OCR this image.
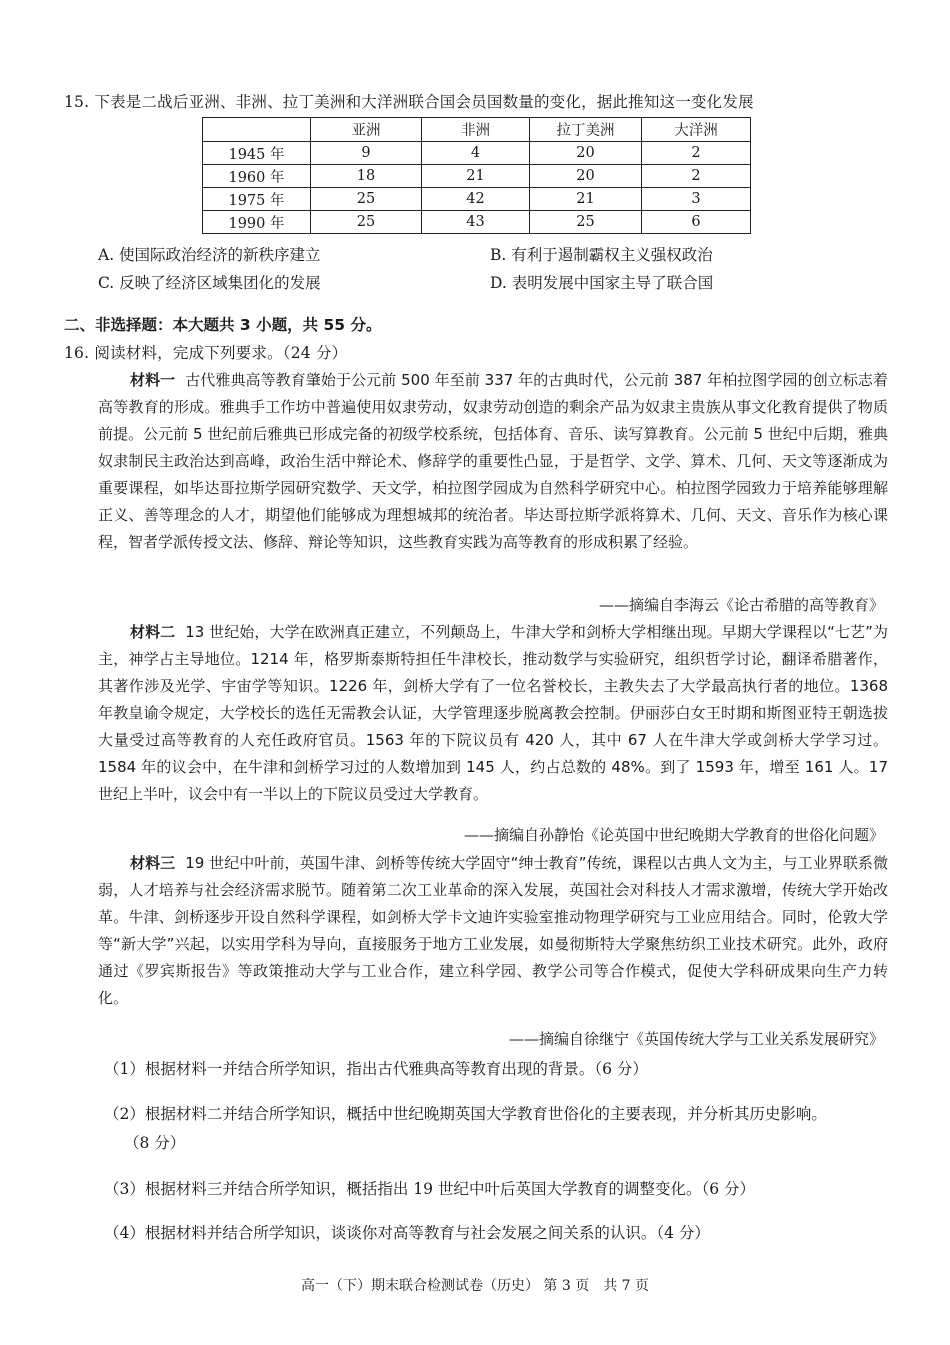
15. 下表是二战后亚洲、非洲、拉丁美洲和大洋洲联合国会员国数量的变化，据此推知这一变化发展
	亚洲	非洲	拉丁美洲	大洋洲
1945 年	9	4	20	2
1960 年	18	21	20	2
1975 年	25	42	21	3
1990 年	25	43	25	6
A. 使国际政治经济的新秩序建立	B. 有利于遏制霸权主义强权政治
C. 反映了经济区域集团化的发展	D. 表明发展中国家主导了联合国
二、非选择题：本大题共 3 小题，共 55 分。
16. 阅读材料，完成下列要求。（24 分）
材料一 古代雅典高等教育肇始于公元前 500 年至前 337 年的古典时代，公元前 387 年柏拉图学园的创立标志着高等教育的形成。雅典手工作坊中普遍使用奴隶劳动，奴隶劳动创造的剩余产品为奴隶主贵族从事文化教育提供了物质前提。公元前 5 世纪前后雅典已形成完备的初级学校系统，包括体育、音乐、读写算教育。公元前 5 世纪中后期，雅典奴隶制民主政治达到高峰，政治生活中辩论术、修辞学的重要性凸显，于是哲学、文学、算术、几何、天文等逐渐成为重要课程，如毕达哥拉斯学园研究数学、天文学，柏拉图学园成为自然科学研究中心。柏拉图学园致力于培养能够理解正义、善等理念的人才，期望他们能够成为理想城邦的统治者。毕达哥拉斯学派将算术、几何、天文、音乐作为核心课程，智者学派传授文法、修辞、辩论等知识，这些教育实践为高等教育的形成积累了经验。
——摘编自李海云《论古希腊的高等教育》
材料二 13 世纪始，大学在欧洲真正建立，不列颠岛上，牛津大学和剑桥大学相继出现。早期大学课程以“七艺”为主，神学占主导地位。1214 年，格罗斯泰斯特担任牛津校长，推动数学与实验研究，组织哲学讨论，翻译希腊著作，其著作涉及光学、宇宙学等知识。1226 年，剑桥大学有了一位名誉校长，主教失去了大学最高执行者的地位。1368 年教皇谕令规定，大学校长的选任无需教会认证，大学管理逐步脱离教会控制。伊丽莎白女王时期和斯图亚特王朝选拔大量受过高等教育的人充任政府官员。1563 年的下院议员有 420 人，其中 67 人在牛津大学或剑桥大学学习过。1584 年的议会中，在牛津和剑桥学习过的人数增加到 145 人，约占总数的 48%。到了 1593 年，增至 161 人。17 世纪上半叶，议会中有一半以上的下院议员受过大学教育。
——摘编自孙静怡《论英国中世纪晚期大学教育的世俗化问题》
材料三 19 世纪中叶前，英国牛津、剑桥等传统大学固守“绅士教育”传统，课程以古典人文为主，与工业界联系微弱，人才培养与社会经济需求脱节。随着第二次工业革命的深入发展，英国社会对科技人才需求激增，传统大学开始改革。牛津、剑桥逐步开设自然科学课程，如剑桥大学卡文迪许实验室推动物理学研究与工业应用结合。同时，伦敦大学等“新大学”兴起，以实用学科为导向，直接服务于地方工业发展，如曼彻斯特大学聚焦纺织工业技术研究。此外，政府通过《罗宾斯报告》等政策推动大学与工业合作，建立科学园、教学公司等合作模式，促使大学科研成果向生产力转化。
——摘编自徐继宁《英国传统大学与工业关系发展研究》
（1）根据材料一并结合所学知识，指出古代雅典高等教育出现的背景。（6 分）
（2）根据材料二并结合所学知识，概括中世纪晚期英国大学教育世俗化的主要表现，并分析其历史影响。
（8 分）
（3）根据材料三并结合所学知识，概括指出 19 世纪中叶后英国大学教育的调整变化。（6 分）
（4）根据材料并结合所学知识，谈谈你对高等教育与社会发展之间关系的认识。（4 分）
高一（下）期末联合检测试卷（历史） 第 3 页　共 7 页
